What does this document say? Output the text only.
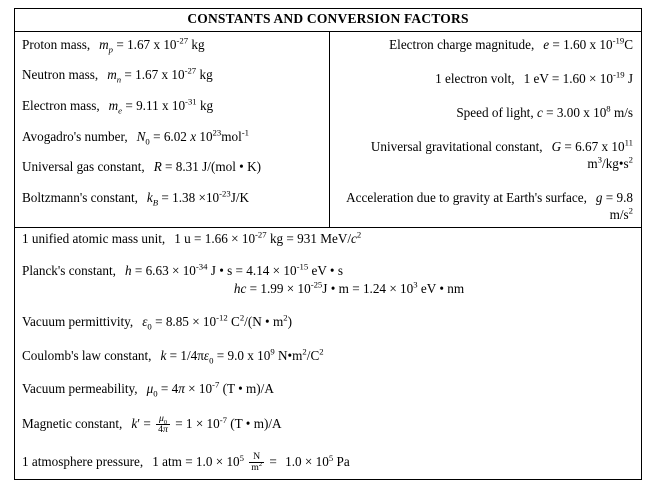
CONSTANTS AND CONVERSION FACTORS
Proton mass, $m_p = 1.67$ x $10^{-27}$ kg
Neutron mass, $m_n = 1.67$ x $10^{-27}$ kg
Electron mass, $m_e = 9.11$ x $10^{-31}$ kg
Avogadro's number, $N_0 = 6.02$ x $10^{23}mol^{-1}$
Universal gas constant, R = 8.31 J/(mol • K)
Boltzmann's constant, $k_B = 1.38 \times 10^{-23}J/K$
Electron charge magnitude, e = 1.60 x $10^{-19}C$
1 electron volt, 1 eV = $1.60 \times 10^{-19}$ J
Speed of light, c = 3.00 x $10^8$ m/s
Universal gravitational constant, G = 6.67 x $10^{11}$ $m^3/kg•s^2$
Acceleration due to gravity at Earth's surface, g = 9.8 $m/s^2$
1 unified atomic mass unit, 1 $u = 1.66 \times 10^{-27}$ kg = 931 MeV/$c^2$
Planck's constant, $h = 6.63 \times 10^{-34}$ J • $s = 4.14 \times 10^{-15}$ eV • s
hc = $1.99 \times 10^{-25}J$ • $m = 1.24 \times 10^3$ eV • nm
Vacuum permittivity, $\varepsilon_0 = 8.85 \times 10^{-12}$ $C^2/(N$ • $m^2$)
Coulomb's law constant, $k = 1/4\pi\varepsilon_0 = 9.0$ x $10^9$ $N•m^2/C^2$
Vacuum permeability, $\mu_0 = 4\pi \times 10^{-7}$ (T • m)/A
Magnetic constant, $k' = \frac{\mu_0}{4\pi} = 1 \times 10^{-7}$ (T • m)/A
1 atmosphere pressure, 1 atm = $1.0 \times 10^5 \frac{N}{m^2} = 1.0 \times 10^5$ Pa
